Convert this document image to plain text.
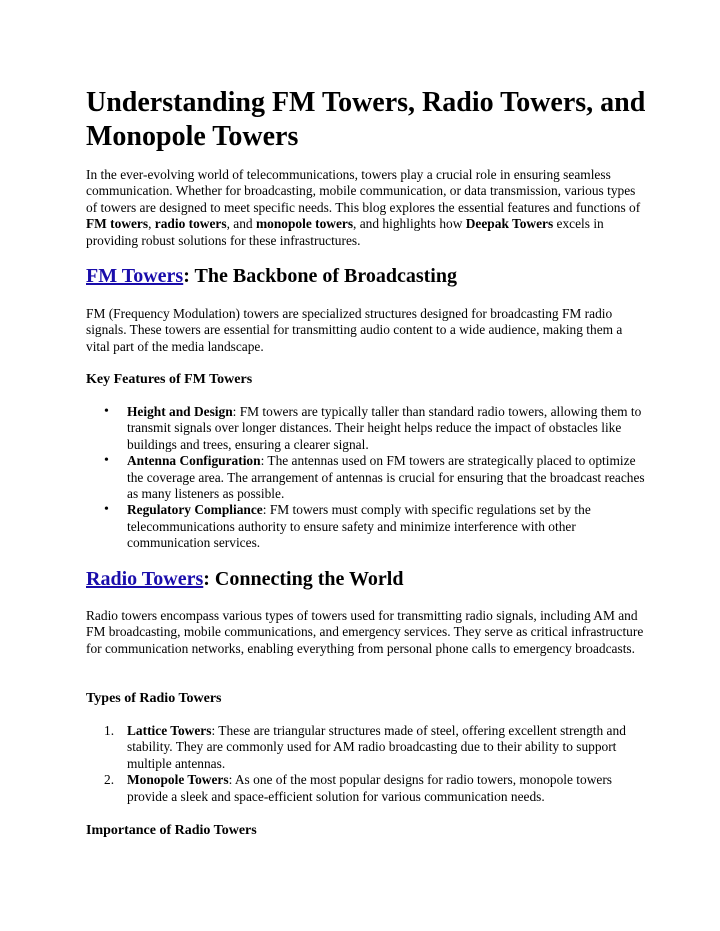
Understanding FM Towers, Radio Towers, and Monopole Towers

In the ever-evolving world of telecommunications, towers play a crucial role in ensuring seamless communication. Whether for broadcasting, mobile communication, or data transmission, various types of towers are designed to meet specific needs. This blog explores the essential features and functions of FM towers, radio towers, and monopole towers, and highlights how Deepak Towers excels in providing robust solutions for these infrastructures.

FM Towers: The Backbone of Broadcasting

FM (Frequency Modulation) towers are specialized structures designed for broadcasting FM radio signals. These towers are essential for transmitting audio content to a wide audience, making them a vital part of the media landscape.

Key Features of FM Towers
• Height and Design: FM towers are typically taller than standard radio towers, allowing them to transmit signals over longer distances. Their height helps reduce the impact of obstacles like buildings and trees, ensuring a clearer signal.
• Antenna Configuration: The antennas used on FM towers are strategically placed to optimize the coverage area. The arrangement of antennas is crucial for ensuring that the broadcast reaches as many listeners as possible.
• Regulatory Compliance: FM towers must comply with specific regulations set by the telecommunications authority to ensure safety and minimize interference with other communication services.
Radio Towers: Connecting the World

Radio towers encompass various types of towers used for transmitting radio signals, including AM and FM broadcasting, mobile communications, and emergency services. They serve as critical infrastructure for communication networks, enabling everything from personal phone calls to emergency broadcasts.

Types of Radio Towers
1. Lattice Towers: These are triangular structures made of steel, offering excellent strength and stability. They are commonly used for AM radio broadcasting due to their ability to support multiple antennas.
2. Monopole Towers: As one of the most popular designs for radio towers, monopole towers provide a sleek and space-efficient solution for various communication needs.
Importance of Radio Towers
